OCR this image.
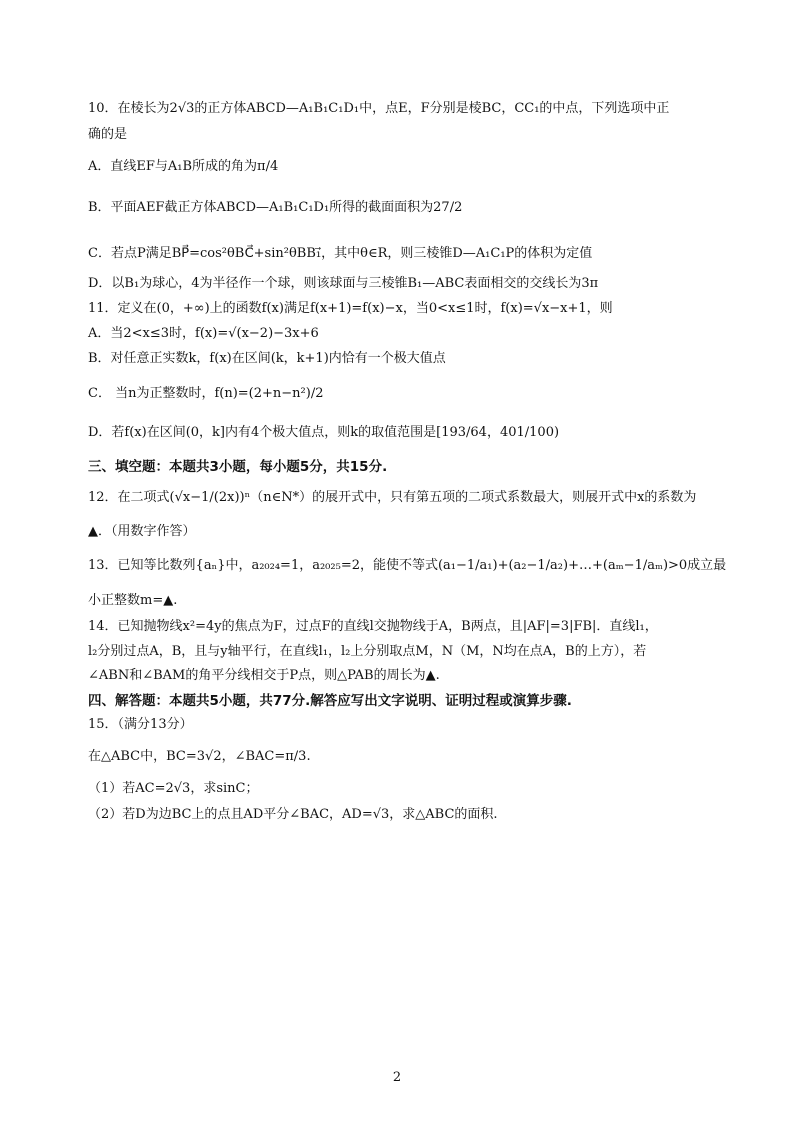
10．在棱长为2√3的正方体ABCD—A₁B₁C₁D₁中，点E，F分别是棱BC，CC₁的中点，下列选项中正
确的是
A．直线EF与A₁B所成的角为π/4
B．平面AEF截正方体ABCD—A₁B₁C₁D₁所得的截面面积为27/2
C．若点P满足BP⃗=cos²θBC⃗+sin²θBB₁⃗，其中θ∈R，则三棱锥D—A₁C₁P的体积为定值
D．以B₁为球心，4为半径作一个球，则该球面与三棱锥B₁—ABC表面相交的交线长为3π
11．定义在(0，+∞)上的函数f(x)满足f(x+1)=f(x)−x，当0<x≤1时，f(x)=√x−x+1，则
A．当2<x≤3时，f(x)=√(x−2)−3x+6
B．对任意正实数k，f(x)在区间(k，k+1)内恰有一个极大值点
C． 当n为正整数时，f(n)=(2+n−n²)/2
D．若f(x)在区间(0，k]内有4个极大值点，则k的取值范围是[193/64，401/100)
三、填空题：本题共3小题，每小题5分，共15分.
12．在二项式(√x−1/(2x))ⁿ（n∈N*）的展开式中，只有第五项的二项式系数最大，则展开式中x的系数为
▲．（用数字作答）
13．已知等比数列{aₙ}中，a₂₀₂₄=1，a₂₀₂₅=2，能使不等式(a₁−1/a₁)+(a₂−1/a₂)+…+(aₘ−1/aₘ)>0成立最
小正整数m=▲.
14．已知抛物线x²=4y的焦点为F，过点F的直线l交抛物线于A，B两点，且|AF|=3|FB|．直线l₁，
l₂分别过点A，B，且与y轴平行，在直线l₁，l₂上分别取点M，N（M，N均在点A，B的上方），若
∠ABN和∠BAM的角平分线相交于P点，则△PAB的周长为▲.
四、解答题：本题共5小题，共77分.解答应写出文字说明、证明过程或演算步骤.
15．（满分13分）
在△ABC中，BC=3√2，∠BAC=π/3.
（1）若AC=2√3，求sinC；
（2）若D为边BC上的点且AD平分∠BAC，AD=√3，求△ABC的面积.
2
